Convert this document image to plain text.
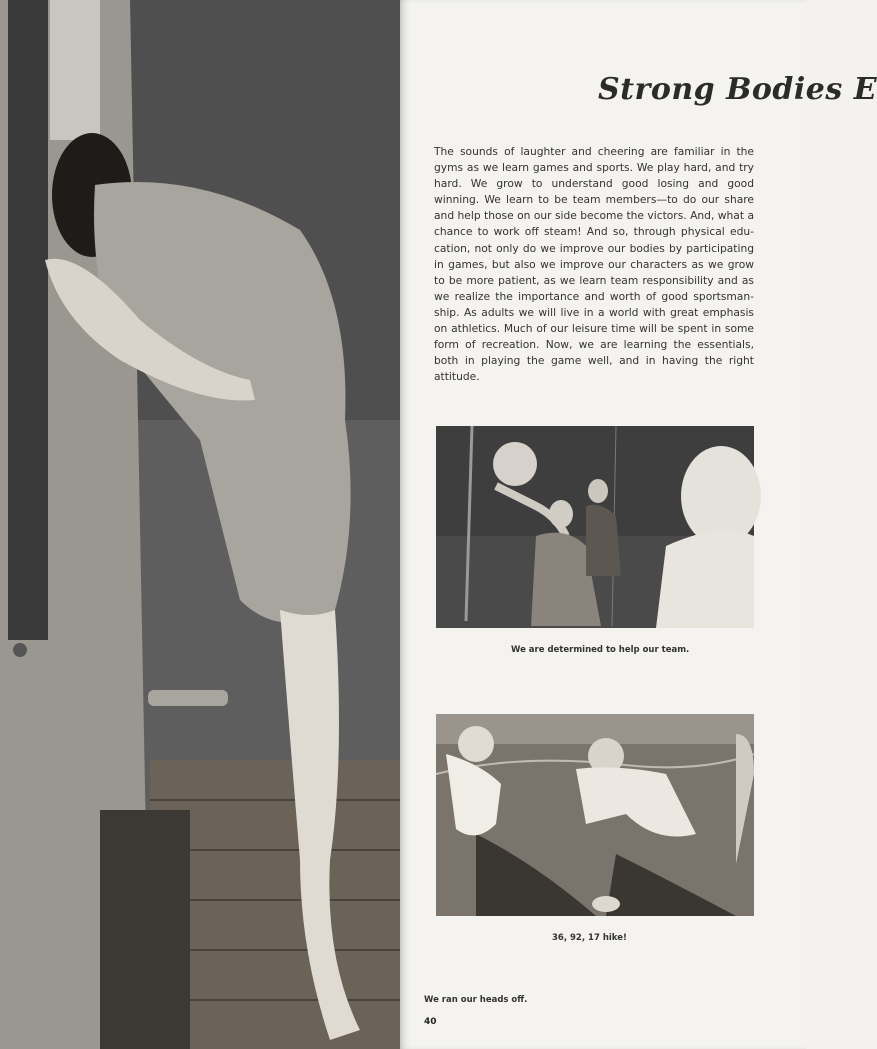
Strong Bodies E

The sounds of laughter and cheering are familiar in the gyms as we learn games and sports. We play hard, and try hard. We grow to understand good losing and good winning. We learn to be team members—to do our share and help those on our side become the victors. And, what a chance to work off steam! And so, through physical edu-cation, not only do we improve our bodies by participating in games, but also we improve our characters as we grow to be more patient, as we learn team responsibility and as we realize the importance and worth of good sportsman-ship. As adults we will live in a world with great emphasis on athletics. Much of our leisure time will be spent in some form of recreation. Now, we are learning the essentials, both in playing the game well, and in having the right attitude.

We are determined to help our team.
36, 92, 17 hike!
We ran our heads off.
40
